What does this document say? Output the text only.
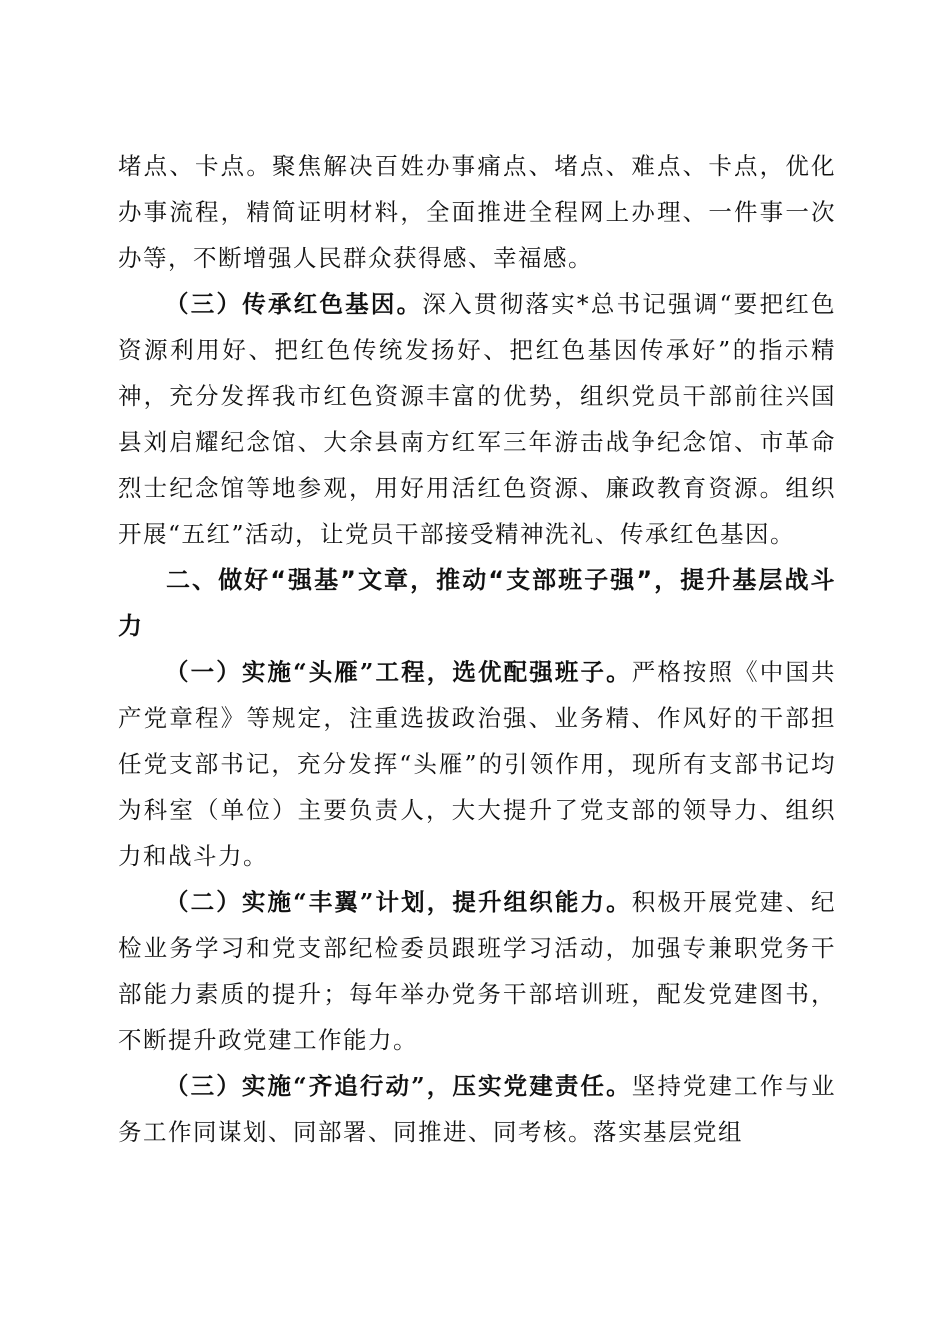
堵点、卡点。聚焦解决百姓办事痛点、堵点、难点、卡点，优化办事流程，精简证明材料，全面推进全程网上办理、一件事一次办等，不断增强人民群众获得感、幸福感。

（三）传承红色基因。深入贯彻落实*总书记强调“要把红色资源利用好、把红色传统发扬好、把红色基因传承好”的指示精神，充分发挥我市红色资源丰富的优势，组织党员干部前往兴国县刘启耀纪念馆、大余县南方红军三年游击战争纪念馆、市革命烈士纪念馆等地参观，用好用活红色资源、廉政教育资源。组织开展“五红”活动，让党员干部接受精神洗礼、传承红色基因。

二、做好“强基”文章，推动“支部班子强”，提升基层战斗力

（一）实施“头雁”工程，选优配强班子。严格按照《中国共产党章程》等规定，注重选拔政治强、业务精、作风好的干部担任党支部书记，充分发挥“头雁”的引领作用，现所有支部书记均为科室（单位）主要负责人，大大提升了党支部的领导力、组织力和战斗力。

（二）实施“丰翼”计划，提升组织能力。积极开展党建、纪检业务学习和党支部纪检委员跟班学习活动，加强专兼职党务干部能力素质的提升；每年举办党务干部培训班，配发党建图书，不断提升政党建工作能力。

（三）实施“齐追行动”，压实党建责任。坚持党建工作与业务工作同谋划、同部署、同推进、同考核。落实基层党组
